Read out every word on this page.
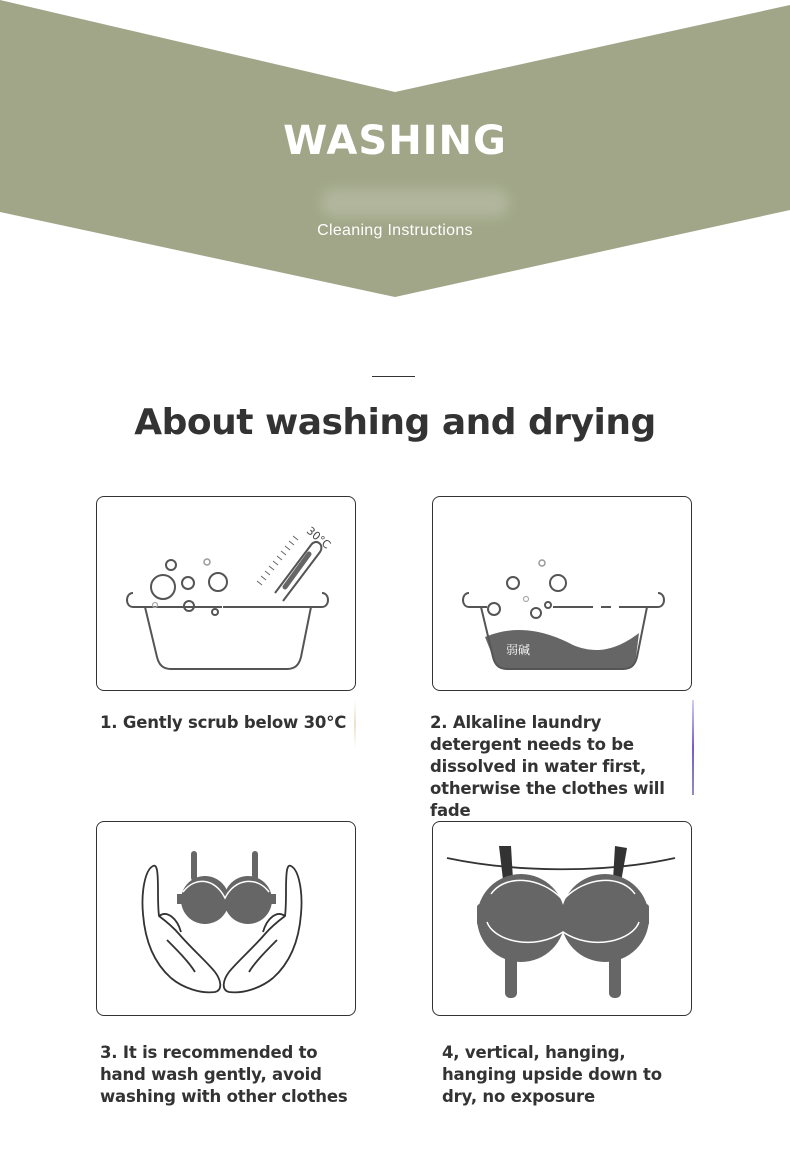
WASHING
Cleaning Instructions
About washing and drying
30°C
弱碱
1. Gently scrub below 30°C	2. Alkaline laundry detergent needs to be dissolved in water first, otherwise the clothes will fade
3. It is recommended to hand wash gently, avoid washing with other clothes
4, vertical, hanging, hanging upside down to dry, no exposure
